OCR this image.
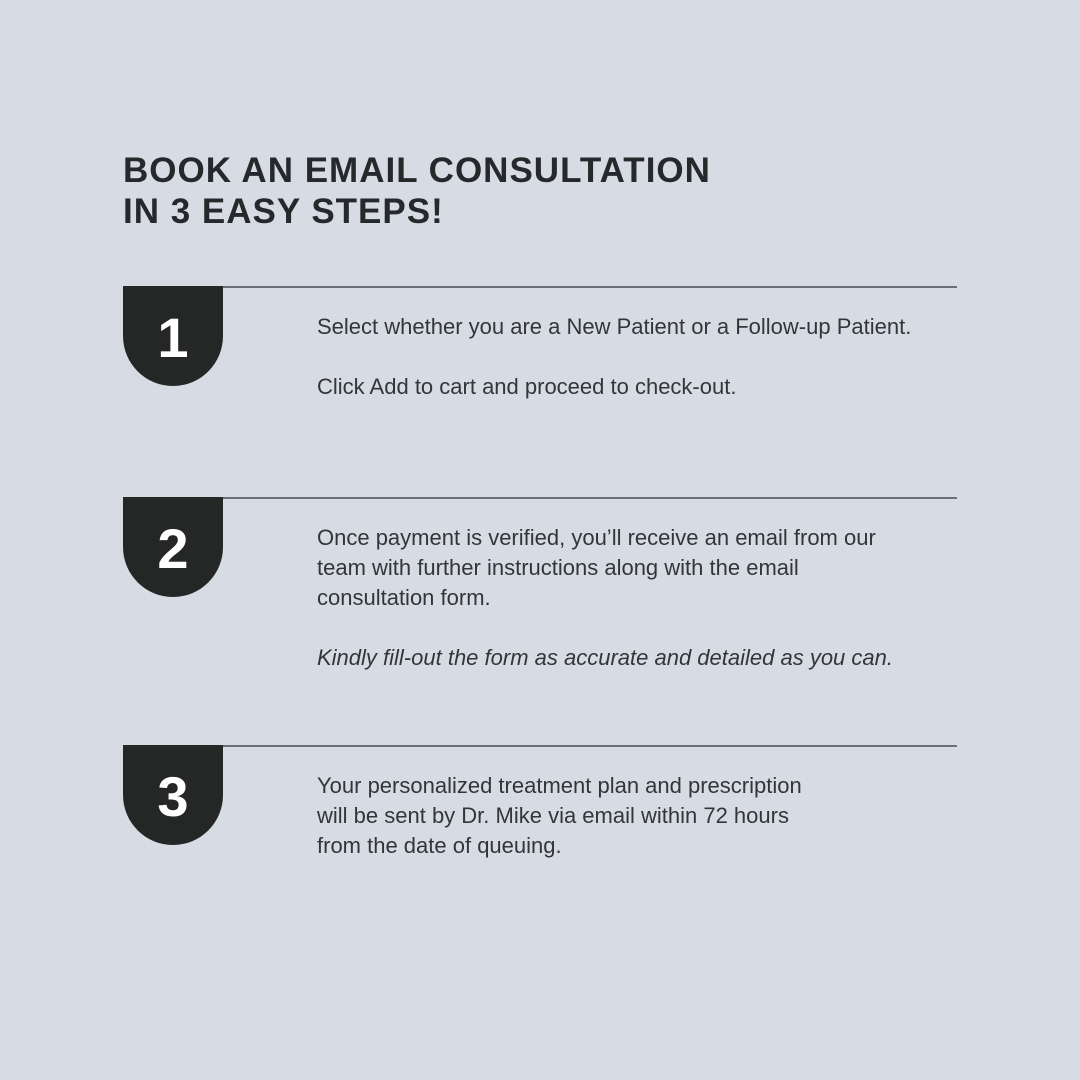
BOOK AN EMAIL CONSULTATION
IN 3 EASY STEPS!
1	Select whether you are a New Patient or a Follow-up Patient.

Click Add to cart and proceed to check-out.

2	Once payment is verified, you’ll receive an email from our team with further instructions along with the email consultation form.

Kindly fill-out the form as accurate and detailed as you can.

3	Your personalized treatment plan and prescription will be sent by Dr. Mike via email within 72 hours from the date of queuing.
